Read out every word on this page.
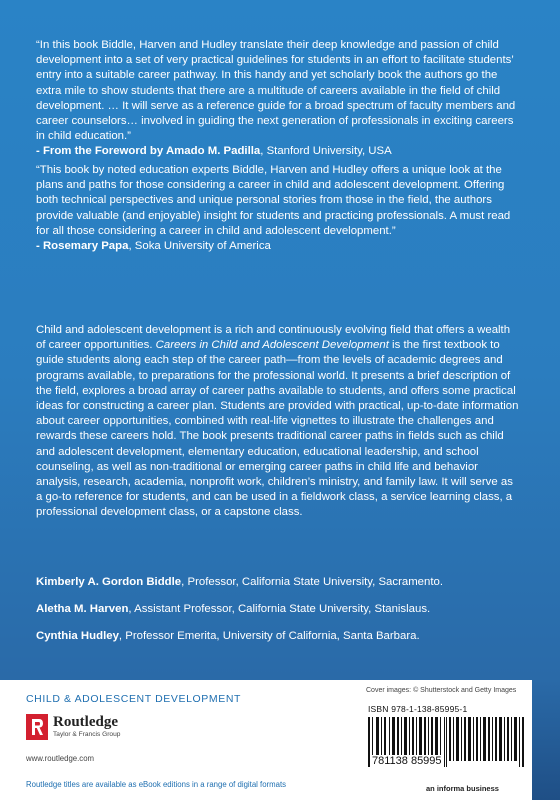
“In this book Biddle, Harven and Hudley translate their deep knowledge and passion of child development into a set of very practical guidelines for students in an effort to facilitate students’ entry into a suitable career pathway. In this handy and yet scholarly book the authors go the extra mile to show students that there are a multitude of careers available in the field of child development. … It will serve as a reference guide for a broad spectrum of faculty members and career counselors… involved in guiding the next generation of professionals in exciting careers in child education.”
- From the Foreword by Amado M. Padilla, Stanford University, USA
“This book by noted education experts Biddle, Harven and Hudley offers a unique look at the plans and paths for those considering a career in child and adolescent development. Offering both technical perspectives and unique personal stories from those in the field, the authors provide valuable (and enjoyable) insight for students and practicing professionals. A must read for all those considering a career in child and adolescent development.”
- Rosemary Papa, Soka University of America
Child and adolescent development is a rich and continuously evolving field that offers a wealth of career opportunities. Careers in Child and Adolescent Development is the first textbook to guide students along each step of the career path—from the levels of academic degrees and programs available, to preparations for the professional world. It presents a brief description of the field, explores a broad array of career paths available to students, and offers some practical ideas for constructing a career plan. Students are provided with practical, up-to-date information about career opportunities, combined with real-life vignettes to illustrate the challenges and rewards these careers hold. The book presents traditional career paths in fields such as child and adolescent development, elementary education, educational leadership, and school counseling, as well as non-traditional or emerging career paths in child life and behavior analysis, research, academia, nonprofit work, children’s ministry, and family law. It will serve as a go-to reference for students, and can be used in a fieldwork class, a service learning class, a professional development class, or a capstone class.
Kimberly A. Gordon Biddle, Professor, California State University, Sacramento.
Aletha M. Harven, Assistant Professor, California State University, Stanislaus.
Cynthia Hudley, Professor Emerita, University of California, Santa Barbara.
CHILD & ADOLESCENT DEVELOPMENT
Routledge
Taylor & Francis Group
www.routledge.com
Routledge titles are available as eBook editions in a range of digital formats
Cover images: © Shutterstock and Getty Images
ISBN 978-1-138-85995-1
781138 85995
an informa business
